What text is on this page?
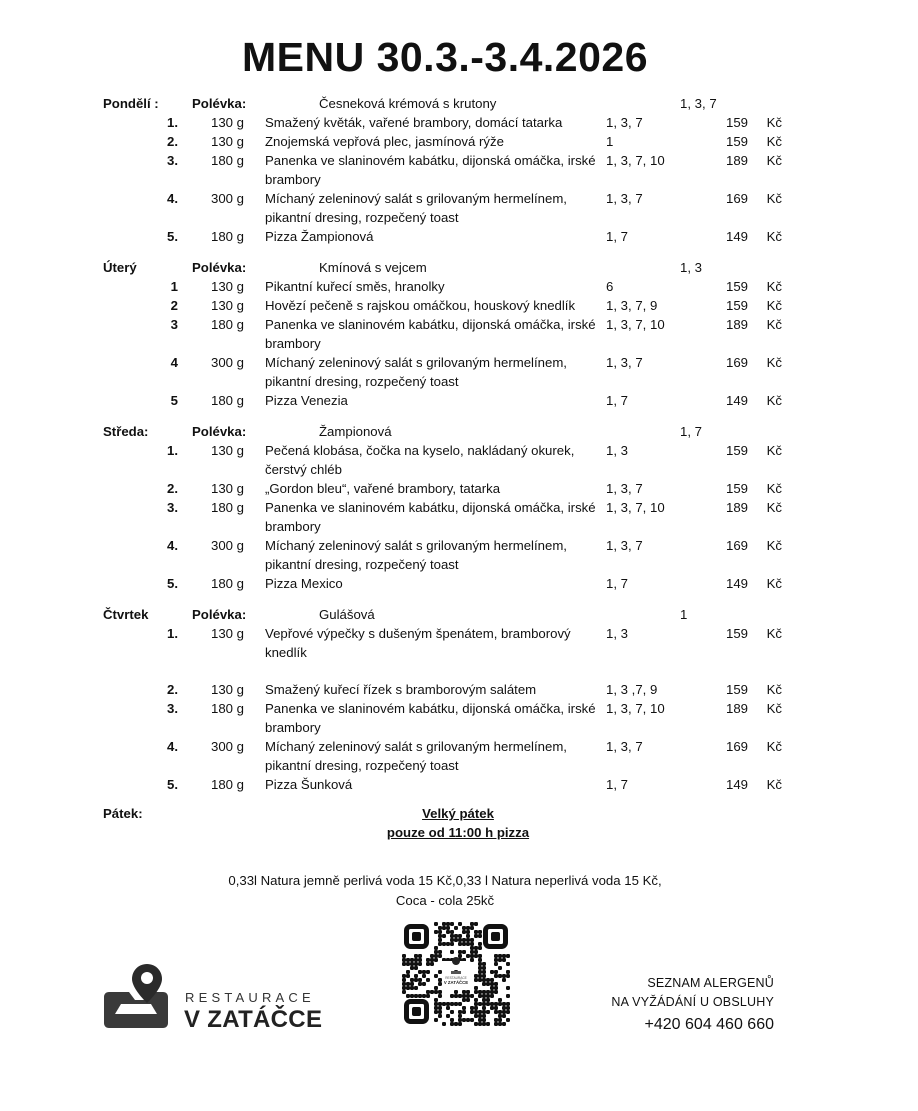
MENU 30.3.-3.4.2026
Pondělí :	Polévka:	Česneková krémová s krutony	1, 3, 7
1.	130 g	Smažený květák, vařené brambory, domácí tatarka	1, 3, 7	159	Kč
2.	130 g	Znojemská vepřová plec, jasmínová rýže	1	159	Kč
3.	180 g	Panenka ve slaninovém kabátku, dijonská omáčka, irské brambory
1, 3, 7, 10	189	Kč
4.	300 g	Míchaný zeleninový salát s grilovaným hermelínem, pikantní dresing, rozpečený toast
1, 3, 7	169	Kč
5.	180 g	Pizza Žampionová	1, 7	149	Kč
Úterý	Polévka:	Kmínová s vejcem	1, 3
1	130 g	Pikantní kuřecí směs, hranolky	6	159	Kč
2	130 g	Hovězí pečeně s rajskou omáčkou, houskový knedlík	1, 3, 7, 9	159	Kč
3	180 g	Panenka ve slaninovém kabátku, dijonská omáčka, irské brambory
1, 3, 7, 10	189	Kč
4	300 g	Míchaný zeleninový salát s grilovaným hermelínem, pikantní dresing, rozpečený toast
1, 3, 7	169	Kč
5	180 g	Pizza Venezia	1, 7	149	Kč
Středa:	Polévka:	Žampionová	1, 7
1.	130 g	Pečená klobása, čočka na kyselo, nakládaný okurek, čerstvý chléb
1, 3	159	Kč
2.	130 g	„Gordon bleu“, vařené brambory, tatarka	1, 3, 7	159	Kč
3.	180 g	Panenka ve slaninovém kabátku, dijonská omáčka, irské brambory
1, 3, 7, 10	189	Kč
4.	300 g	Míchaný zeleninový salát s grilovaným hermelínem, pikantní dresing, rozpečený toast
1, 3, 7	169	Kč
5.	180 g	Pizza Mexico	1, 7	149	Kč
Čtvrtek	Polévka:	Gulášová	1
1.	130 g	Vepřové výpečky s dušeným špenátem, bramborový knedlík
1, 3	159	Kč
2.	130 g	Smažený kuřecí řízek s bramborovým salátem	1, 3 ,7, 9	159	Kč
3.	180 g	Panenka ve slaninovém kabátku, dijonská omáčka, irské brambory
1, 3, 7, 10	189	Kč
4.	300 g	Míchaný zeleninový salát s grilovaným hermelínem, pikantní dresing, rozpečený toast
1, 3, 7	169	Kč
5.	180 g	Pizza Šunková	1, 7	149	Kč
Pátek:	Velký pátek
pouze od 11:00 h pizza
0,33l Natura jemně perlivá voda 15 Kč,0,33 l Natura neperlivá voda 15 Kč,
Coca - cola 25kč
RESTAURACE
V ZATÁČCE
RESTAURACE
V ZATÁČCE
SEZNAM ALERGENŮ
NA VYŽÁDÁNÍ U OBSLUHY
+420 604 460 660
